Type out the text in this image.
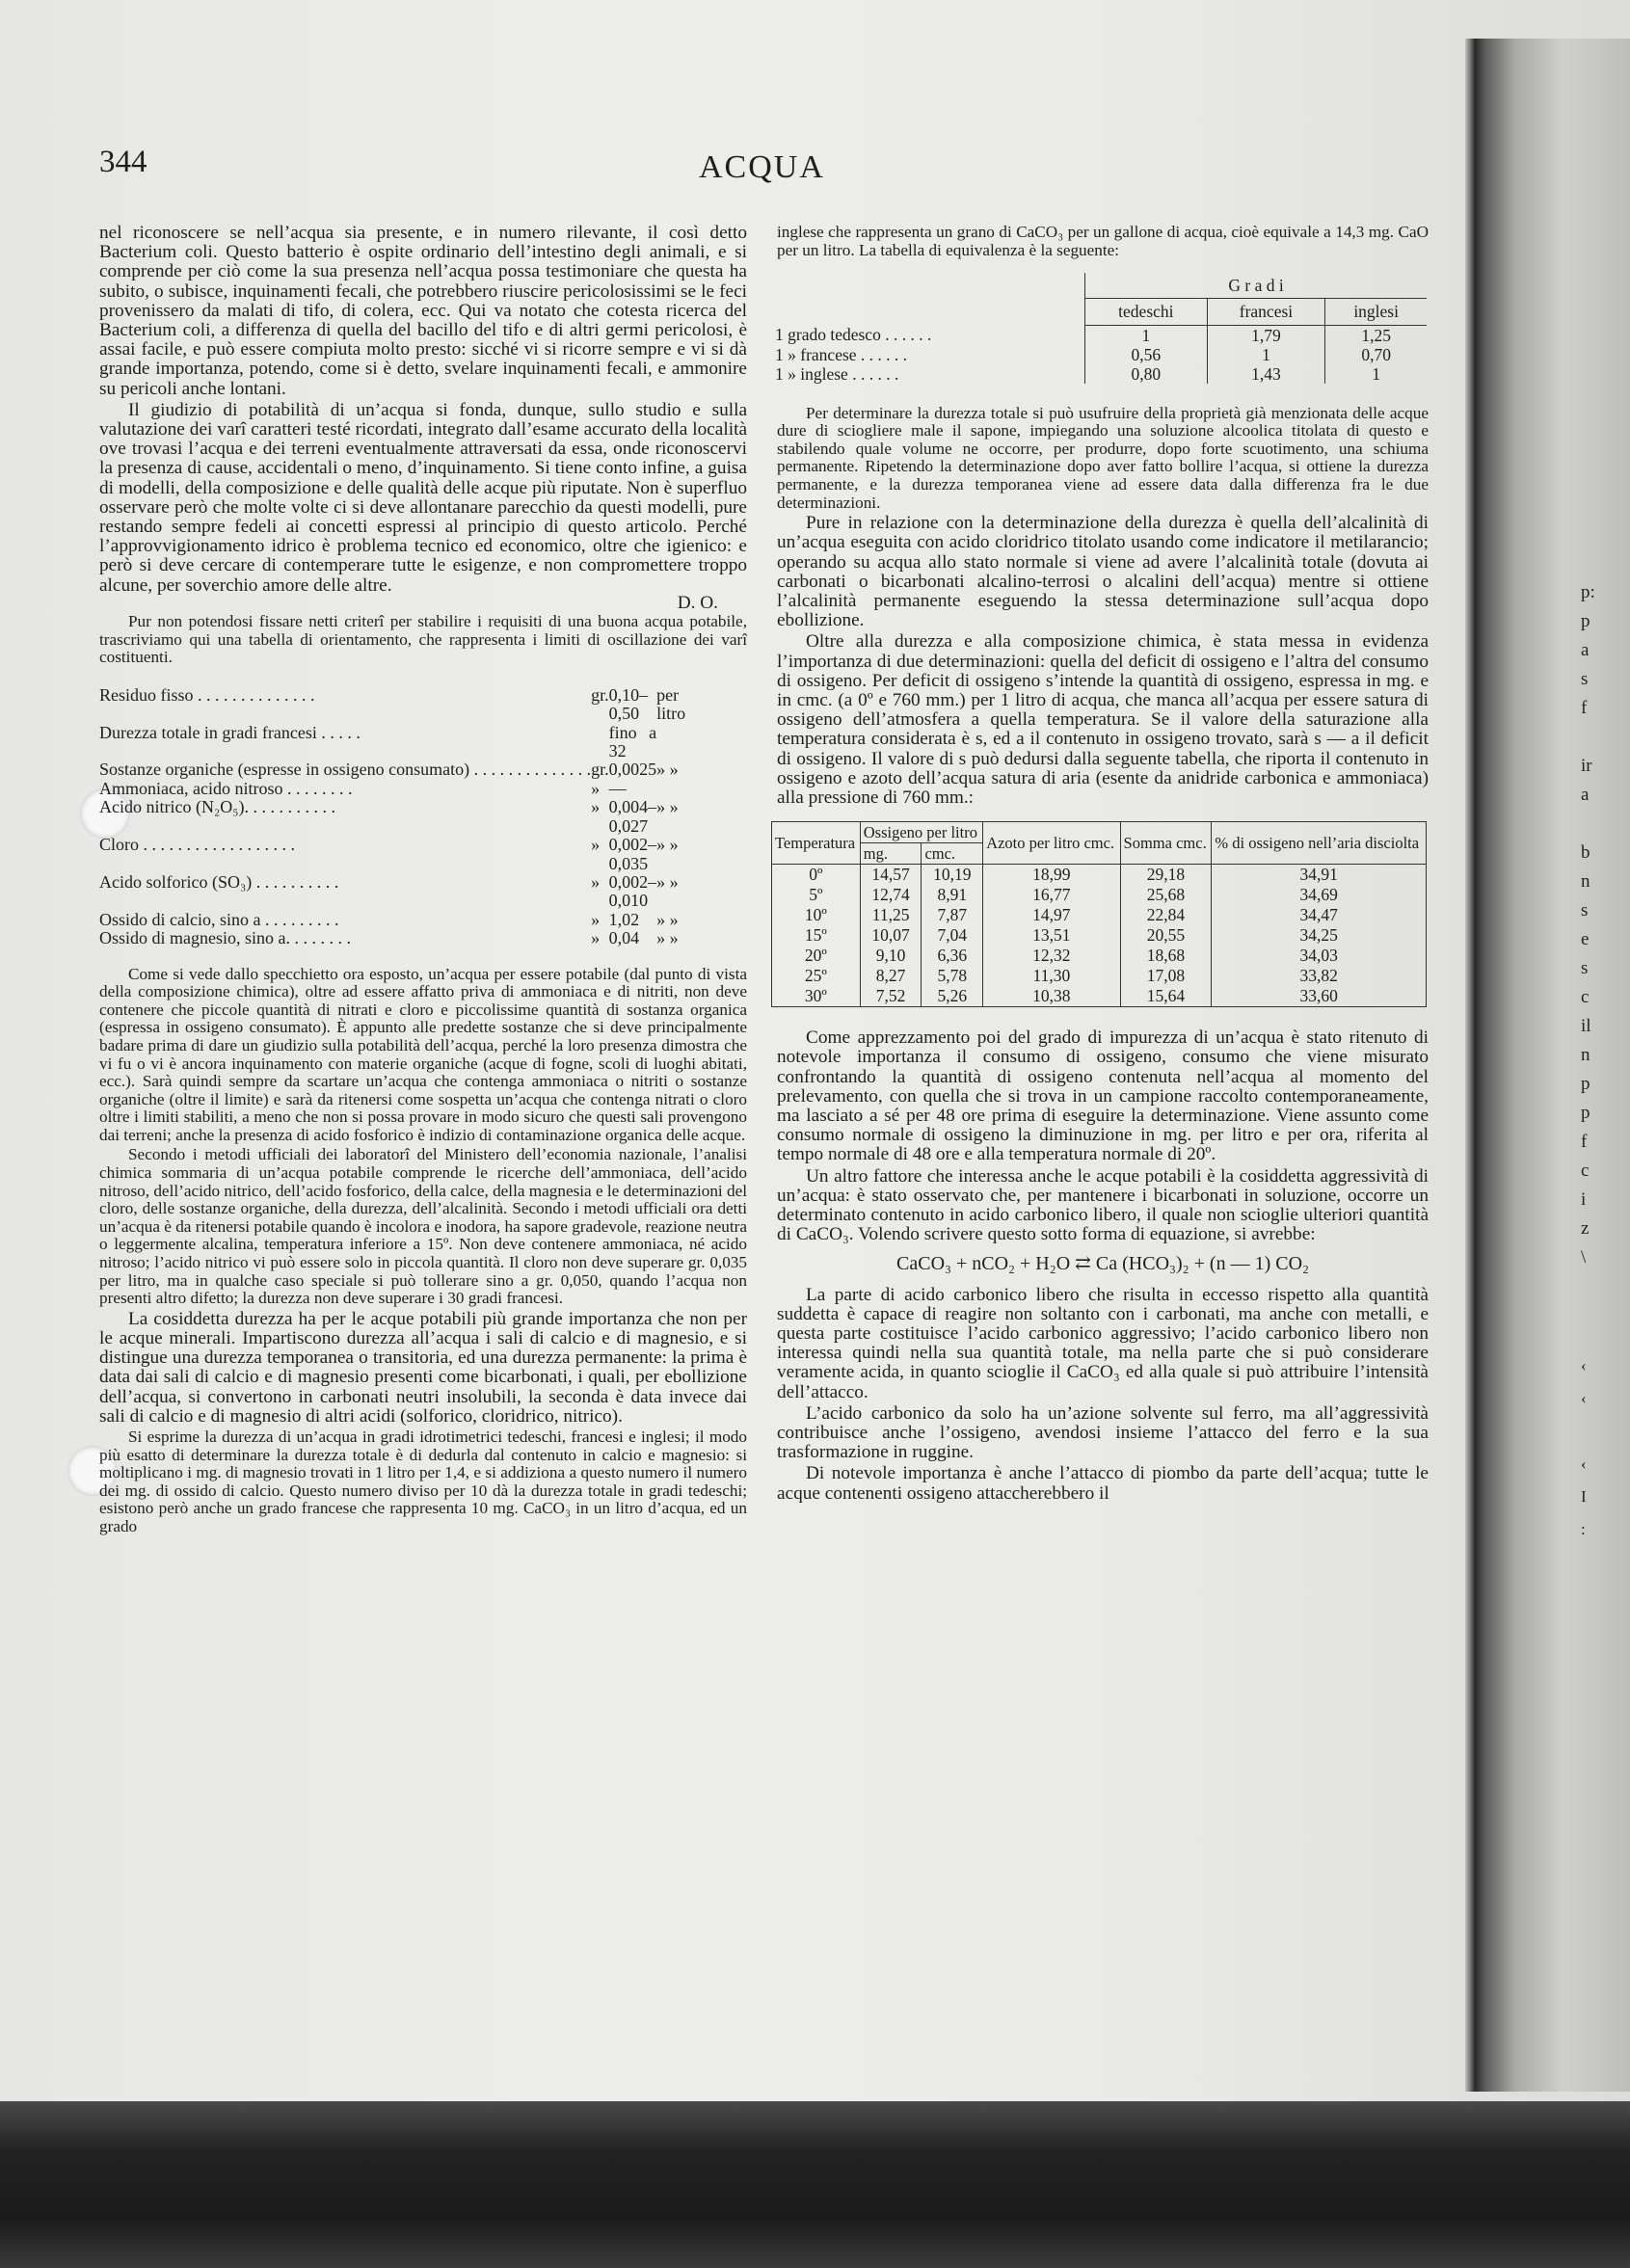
p:
p
a
s
f

ir
a

b
n
s
e
s
c
il
n
p
p
f
c
i
z
\
‹
‹

‹
I
:
344	ACQUA

nel riconoscere se nell’acqua sia presente, e in numero rilevante, il così detto Bacterium coli. Questo batterio è ospite ordinario dell’intestino degli animali, e si comprende per ciò come la sua presenza nell’acqua possa testimoniare che questa ha subito, o subisce, inquinamenti fecali, che potrebbero riuscire pericolosissimi se le feci provenissero da malati di tifo, di colera, ecc. Qui va notato che cotesta ricerca del Bacterium coli, a differenza di quella del bacillo del tifo e di altri germi pericolosi, è assai facile, e può essere compiuta molto presto: sicché vi si ricorre sempre e vi si dà grande importanza, potendo, come si è detto, svelare inquinamenti fecali, e ammonire su pericoli anche lontani.

Il giudizio di potabilità di un’acqua si fonda, dunque, sullo studio e sulla valutazione dei varî caratteri testé ricordati, integrato dall’esame accurato della località ove trovasi l’acqua e dei terreni eventualmente attraversati da essa, onde riconoscervi la presenza di cause, accidentali o meno, d’inquinamento. Si tiene conto infine, a guisa di modelli, della composizione e delle qualità delle acque più riputate. Non è superfluo osservare però che molte volte ci si deve allontanare parecchio da questi modelli, pure restando sempre fedeli ai concetti espressi al principio di questo articolo. Perché l’approvvigionamento idrico è problema tecnico ed economico, oltre che igienico: e però si deve cercare di contemperare tutte le esigenze, e non compromettere troppo alcune, per soverchio amore delle altre.

D. O.

Pur non potendosi fissare netti criterî per stabilire i requisiti di una buona acqua potabile, trascriviamo qui una tabella di orientamento, che rappresenta i limiti di oscillazione dei varî costituenti.

Residuo fisso . . . . . . . . . . . . . .	gr.	0,10–0,50	per litro
Durezza totale in gradi francesi . . . . .		fino a 32	
Sostanze organiche (espresse in ossigeno consumato) . . . . . . . . . . . . . .	gr.	0,0025	» »
Ammoniaca, acido nitroso . . . . . . . .	»	—	
Acido nitrico (N₂O₅). . . . . . . . . . .	»	0,004–0,027	» »
Cloro . . . . . . . . . . . . . . . . . .	»	0,002–0,035	» »
Acido solforico (SO₃) . . . . . . . . . .	»	0,002–0,010	» »
Ossido di calcio, sino a . . . . . . . . .	»	1,02	» »
Ossido di magnesio, sino a. . . . . . . .	»	0,04	» »

Come si vede dallo specchietto ora esposto, un’acqua per essere potabile (dal punto di vista della composizione chimica), oltre ad essere affatto priva di ammoniaca e di nitriti, non deve contenere che piccole quantità di nitrati e cloro e piccolissime quantità di sostanza organica (espressa in ossigeno consumato). È appunto alle predette sostanze che si deve principalmente badare prima di dare un giudizio sulla potabilità dell’acqua, perché la loro presenza dimostra che vi fu o vi è ancora inquinamento con materie organiche (acque di fogne, scoli di luoghi abitati, ecc.). Sarà quindi sempre da scartare un’acqua che contenga ammoniaca o nitriti o sostanze organiche (oltre il limite) e sarà da ritenersi come sospetta un’acqua che contenga nitrati o cloro oltre i limiti stabiliti, a meno che non si possa provare in modo sicuro che questi sali provengono dai terreni; anche la presenza di acido fosforico è indizio di contaminazione organica delle acque.

Secondo i metodi ufficiali dei laboratorî del Ministero dell’economia nazionale, l’analisi chimica sommaria di un’acqua potabile comprende le ricerche dell’ammoniaca, dell’acido nitroso, dell’acido nitrico, dell’acido fosforico, della calce, della magnesia e le determinazioni del cloro, delle sostanze organiche, della durezza, dell’alcalinità. Secondo i metodi ufficiali ora detti un’acqua è da ritenersi potabile quando è incolora e inodora, ha sapore gradevole, reazione neutra o leggermente alcalina, temperatura inferiore a 15º. Non deve contenere ammoniaca, né acido nitroso; l’acido nitrico vi può essere solo in piccola quantità. Il cloro non deve superare gr. 0,035 per litro, ma in qualche caso speciale si può tollerare sino a gr. 0,050, quando l’acqua non presenti altro difetto; la durezza non deve superare i 30 gradi francesi.

La cosiddetta durezza ha per le acque potabili più grande importanza che non per le acque minerali. Impartiscono durezza all’acqua i sali di calcio e di magnesio, e si distingue una durezza temporanea o transitoria, ed una durezza permanente: la prima è data dai sali di calcio e di magnesio presenti come bicarbonati, i quali, per ebollizione dell’acqua, si convertono in carbonati neutri insolubili, la seconda è data invece dai sali di calcio e di magnesio di altri acidi (solforico, cloridrico, nitrico).

Si esprime la durezza di un’acqua in gradi idrotimetrici tedeschi, francesi e inglesi; il modo più esatto di determinare la durezza totale è di dedurla dal contenuto in calcio e magnesio: si moltiplicano i mg. di magnesio trovati in 1 litro per 1,4, e si addiziona a questo numero il numero dei mg. di ossido di calcio. Questo numero diviso per 10 dà la durezza totale in gradi tedeschi; esistono però anche un grado francese che rappresenta 10 mg. CaCO₃ in un litro d’acqua, ed un grado

inglese che rappresenta un grano di CaCO₃ per un gallone di acqua, cioè equivale a 14,3 mg. CaO per un litro. La tabella di equivalenza è la seguente:

	G r a d i		
	tedeschi	francesi	inglesi
1 grado tedesco . . . . . .	1	1,79	1,25
1 » francese . . . . . .	0,56	1	0,70
1 » inglese . . . . . .	0,80	1,43	1

Per determinare la durezza totale si può usufruire della proprietà già menzionata delle acque dure di sciogliere male il sapone, impiegando una soluzione alcoolica titolata di questo e stabilendo quale volume ne occorre, per produrre, dopo forte scuotimento, una schiuma permanente. Ripetendo la determinazione dopo aver fatto bollire l’acqua, si ottiene la durezza permanente, e la durezza temporanea viene ad essere data dalla differenza fra le due determinazioni.

Pure in relazione con la determinazione della durezza è quella dell’alcalinità di un’acqua eseguita con acido cloridrico titolato usando come indicatore il metilarancio; operando su acqua allo stato normale si viene ad avere l’alcalinità totale (dovuta ai carbonati o bicarbonati alcalino-terrosi o alcalini dell’acqua) mentre si ottiene l’alcalinità permanente eseguendo la stessa determinazione sull’acqua dopo ebollizione.

Oltre alla durezza e alla composizione chimica, è stata messa in evidenza l’importanza di due determinazioni: quella del deficit di ossigeno e l’altra del consumo di ossigeno. Per deficit di ossigeno s’intende la quantità di ossigeno, espressa in mg. e in cmc. (a 0º e 760 mm.) per 1 litro di acqua, che manca all’acqua per essere satura di ossigeno dell’atmosfera a quella temperatura. Se il valore della saturazione alla temperatura considerata è s, ed a il contenuto in ossigeno trovato, sarà s — a il deficit di ossigeno. Il valore di s può dedursi dalla seguente tabella, che riporta il contenuto in ossigeno e azoto dell’acqua satura di aria (esente da anidride carbonica e ammoniaca) alla pressione di 760 mm.:

Temperatura	Ossigeno per litro		Azoto per litro cmc.	Somma cmc.	% di ossigeno nell’aria disciolta
	mg.	cmc.			
0º	14,57	10,19	18,99	29,18	34,91
5º	12,74	8,91	16,77	25,68	34,69
10º	11,25	7,87	14,97	22,84	34,47
15º	10,07	7,04	13,51	20,55	34,25
20º	9,10	6,36	12,32	18,68	34,03
25º	8,27	5,78	11,30	17,08	33,82
30º	7,52	5,26	10,38	15,64	33,60

Come apprezzamento poi del grado di impurezza di un’acqua è stato ritenuto di notevole importanza il consumo di ossigeno, consumo che viene misurato confrontando la quantità di ossigeno contenuta nell’acqua al momento del prelevamento, con quella che si trova in un campione raccolto contemporaneamente, ma lasciato a sé per 48 ore prima di eseguire la determinazione. Viene assunto come consumo normale di ossigeno la diminuzione in mg. per litro e per ora, riferita al tempo normale di 48 ore e alla temperatura normale di 20º.

Un altro fattore che interessa anche le acque potabili è la cosiddetta aggressività di un’acqua: è stato osservato che, per mantenere i bicarbonati in soluzione, occorre un determinato contenuto in acido carbonico libero, il quale non scioglie ulteriori quantità di CaCO₃. Volendo scrivere questo sotto forma di equazione, si avrebbe:

CaCO₃ + nCO₂ + H₂O ⇄ Ca (HCO₃)₂ + (n — 1) CO₂

La parte di acido carbonico libero che risulta in eccesso rispetto alla quantità suddetta è capace di reagire non soltanto con i carbonati, ma anche con metalli, e questa parte costituisce l’acido carbonico aggressivo; l’acido carbonico libero non interessa quindi nella sua quantità totale, ma nella parte che si può considerare veramente acida, in quanto scioglie il CaCO₃ ed alla quale si può attribuire l’intensità dell’attacco.

L’acido carbonico da solo ha un’azione solvente sul ferro, ma all’aggressività contribuisce anche l’ossigeno, avendosi insieme l’attacco del ferro e la sua trasformazione in ruggine.

Di notevole importanza è anche l’attacco di piombo da parte dell’acqua; tutte le acque contenenti ossigeno attaccherebbero il
